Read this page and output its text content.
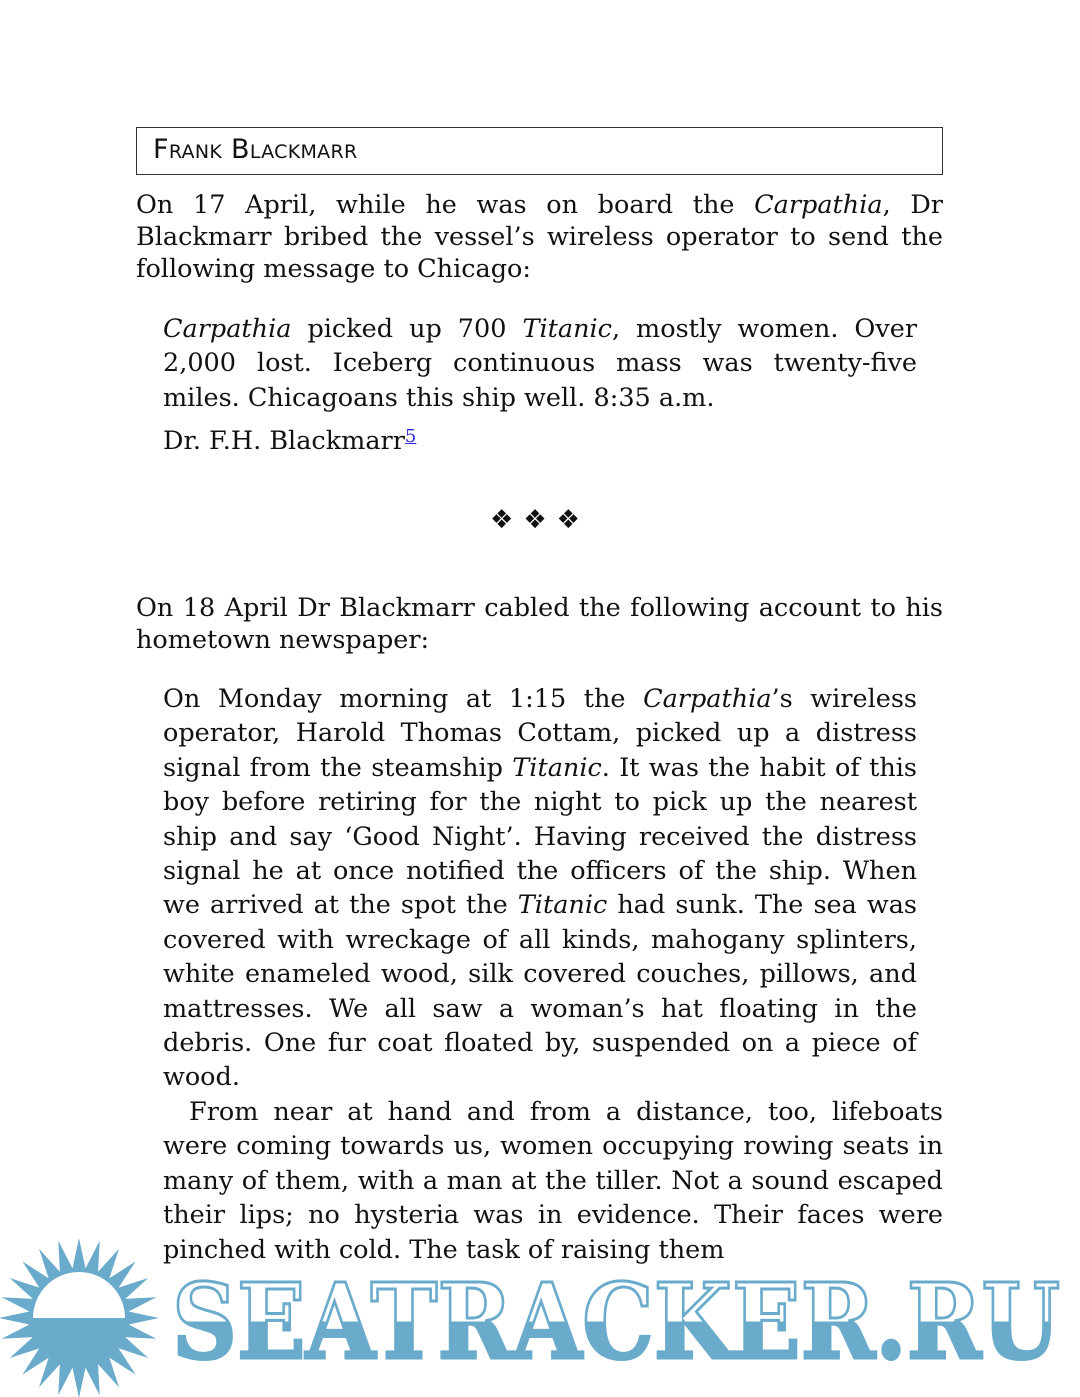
Frank Blackmarr

On 17 April, while he was on board the Carpathia, Dr Blackmarr bribed the vessel’s wireless operator to send the following message to Chicago:

Carpathia picked up 700 Titanic, mostly women. Over 2,000 lost. Iceberg continuous mass was twenty-five miles. Chicagoans this ship well. 8:35 a.m.

Dr. F.H. Blackmarr$^5$

❖❖❖

On 18 April Dr Blackmarr cabled the following account to his hometown newspaper:

On Monday morning at 1:15 the Carpathia’s wireless operator, Harold Thomas Cottam, picked up a distress signal from the steamship Titanic. It was the habit of this boy before retiring for the night to pick up the nearest ship and say ‘Good Night’. Having received the distress signal he at once notified the officers of the ship. When we arrived at the spot the Titanic had sunk. The sea was covered with wreckage of all kinds, mahogany splinters, white enameled wood, silk covered couches, pillows, and mattresses. We all saw a woman’s hat floating in the debris. One fur coat floated by, suspended on a piece of wood.

From near at hand and from a distance, too, lifeboats were coming towards us, women occupying rowing seats in many of them, with a man at the tiller. Not a sound escaped their lips; no hysteria was in evidence. Their faces were pinched with cold. The task of raising them

SEATRACKER.RU
